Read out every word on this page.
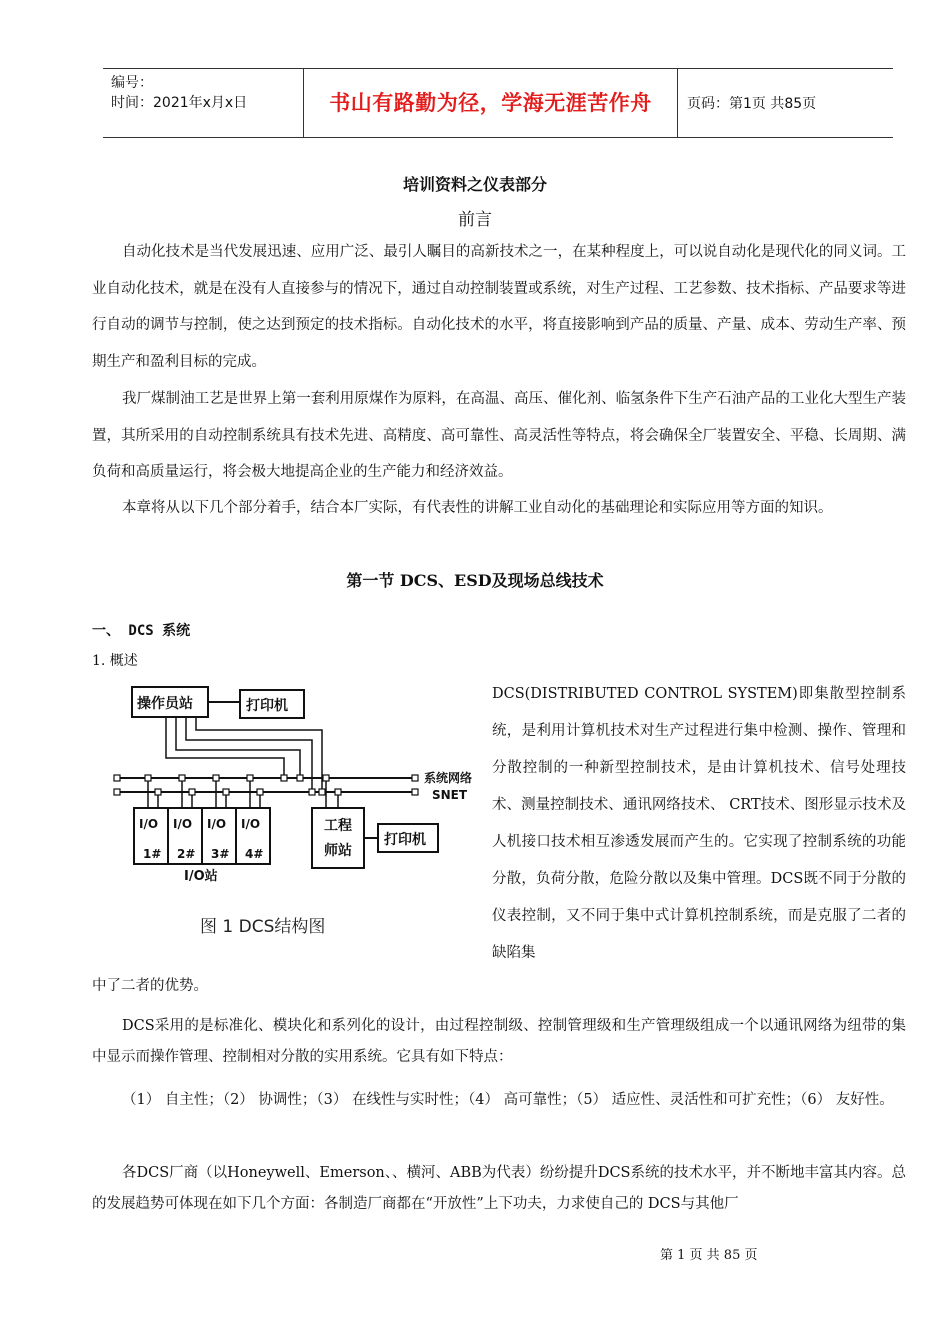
编号：
时间：2021年x月x日	书山有路勤为径，学海无涯苦作舟	页码：第1页 共85页
培训资料之仪表部分
前言

自动化技术是当代发展迅速、应用广泛、最引人瞩目的高新技术之一，在某种程度上，可以说自动化是现代化的同义词。工业自动化技术，就是在没有人直接参与的情况下，通过自动控制装置或系统，对生产过程、工艺参数、技术指标、产品要求等进行自动的调节与控制，使之达到预定的技术指标。自动化技术的水平，将直接影响到产品的质量、产量、成本、劳动生产率、预期生产和盈利目标的完成。

我厂煤制油工艺是世界上第一套利用原煤作为原料，在高温、高压、催化剂、临氢条件下生产石油产品的工业化大型生产装置，其所采用的自动控制系统具有技术先进、高精度、高可靠性、高灵活性等特点，将会确保全厂装置安全、平稳、长周期、满负荷和高质量运行，将会极大地提高企业的生产能力和经济效益。

本章将从以下几个部分着手，结合本厂实际，有代表性的讲解工业自动化的基础理论和实际应用等方面的知识。

第一节 DCS、ESD及现场总线技术
一、 DCS 系统
1. 概述
操作员站	打印机
系统网络
SNET
I/O I/O I/O I/O
1# 2# 3# 4#
I/O站
工程
师站
打印机
图 1 DCS结构图

DCS(DISTRIBUTED CONTROL SYSTEM)即集散型控制系统，是利用计算机技术对生产过程进行集中检测、操作、管理和分散控制的一种新型控制技术，是由计算机技术、信号处理技术、测量控制技术、通讯网络技术、 CRT技术、图形显示技术及人机接口技术相互渗透发展而产生的。它实现了控制系统的功能分散，负荷分散，危险分散以及集中管理。DCS既不同于分散的仪表控制，又不同于集中式计算机控制系统，而是克服了二者的缺陷集

中了二者的优势。

DCS采用的是标准化、模块化和系列化的设计，由过程控制级、控制管理级和生产管理级组成一个以通讯网络为纽带的集中显示而操作管理、控制相对分散的实用系统。它具有如下特点：

（1） 自主性；（2） 协调性；（3） 在线性与实时性；（4） 高可靠性；（5） 适应性、灵活性和可扩充性；（6） 友好性。

各DCS厂商（以Honeywell、Emerson、、横河、ABB为代表）纷纷提升DCS系统的技术水平，并不断地丰富其内容。总的发展趋势可体现在如下几个方面：各制造厂商都在“开放性”上下功夫，力求使自己的 DCS与其他厂

第 1 页 共 85 页
